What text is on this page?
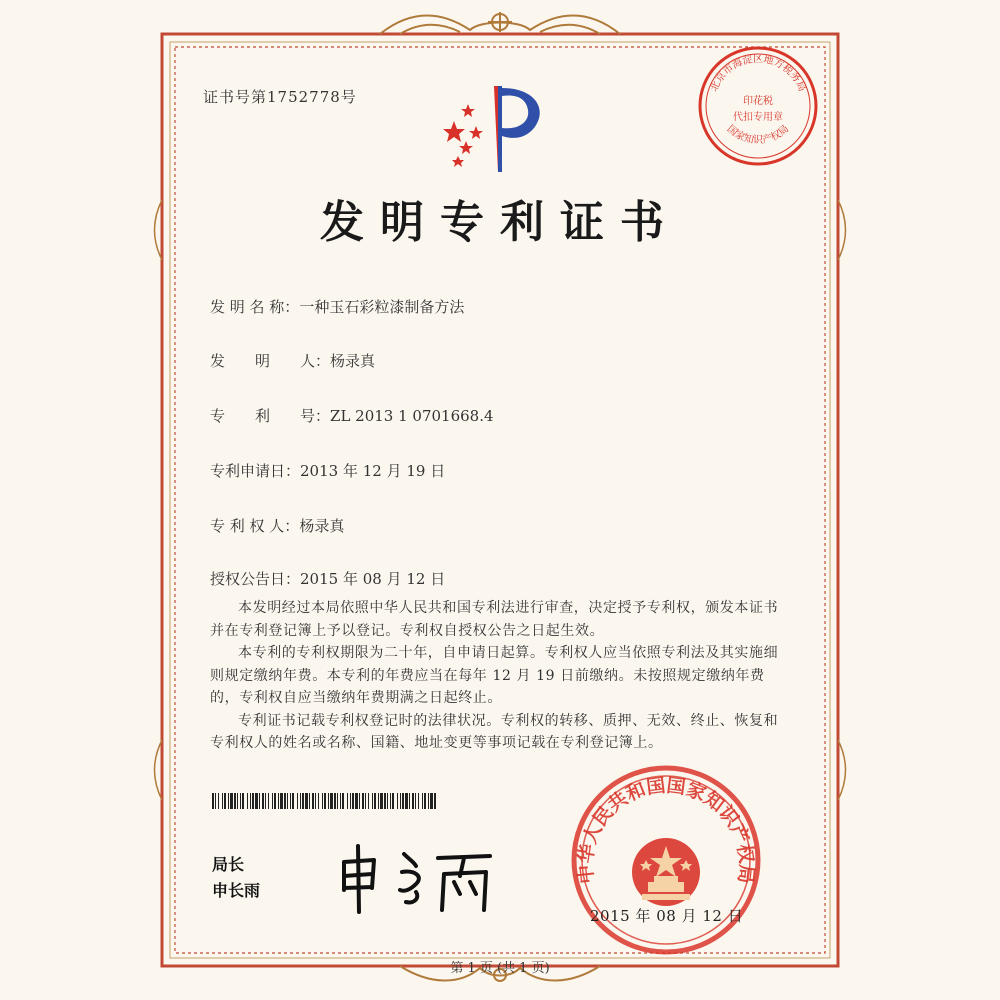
证书号第1752778号
北京市海淀区地方税务局
国家知识产权局
印花税
代扣专用章
发明专利证书
发 明 名 称：一种玉石彩粒漆制备方法
发　　明　　人：杨录真
专　　利　　号：ZL 2013 1 0701668.4
专利申请日：2013 年 12 月 19 日
专 利 权 人：杨录真
授权公告日：2015 年 08 月 12 日

本发明经过本局依照中华人民共和国专利法进行审查，决定授予专利权，颁发本证书并在专利登记簿上予以登记。专利权自授权公告之日起生效。

本专利的专利权期限为二十年，自申请日起算。专利权人应当依照专利法及其实施细则规定缴纳年费。本专利的年费应当在每年 12 月 19 日前缴纳。未按照规定缴纳年费的，专利权自应当缴纳年费期满之日起终止。

专利证书记载专利权登记时的法律状况。专利权的转移、质押、无效、终止、恢复和专利权人的姓名或名称、国籍、地址变更等事项记载在专利登记簿上。

局长
申长雨
中华人民共和国国家知识产权局
2015 年 08 月 12 日
第 1 页 (共 1 页)
